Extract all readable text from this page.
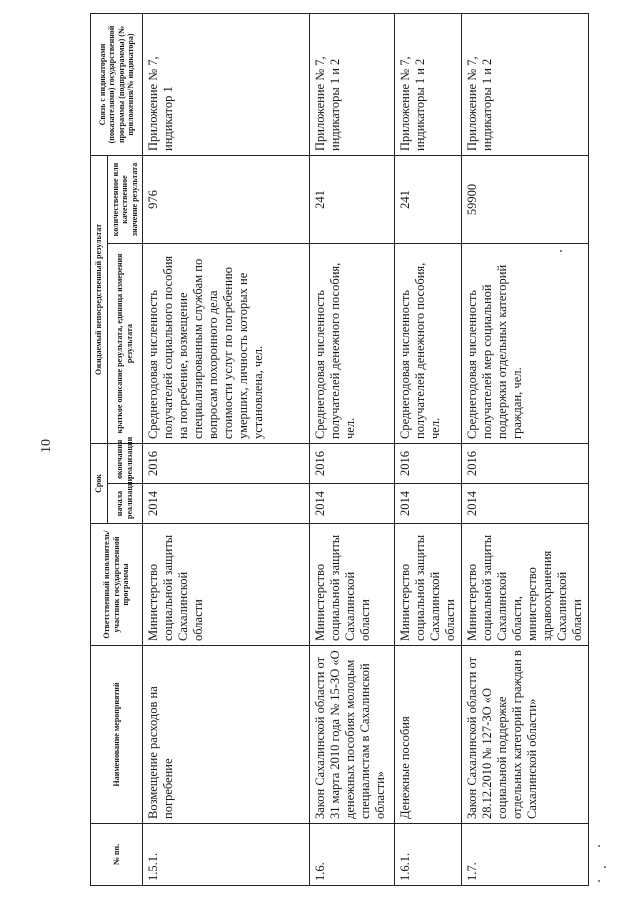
10
№ пп.	Наименование мероприятий	Ответственный исполнитель/участник государственной программы	Срок		Ожидаемый непосредственный результат		Связь с индикаторами (показателями) государственной программы (подпрограммы) (№ приложения/№ индикатора)
			начала реализации	окончания реализации	краткое описание результата, единица измерения результата	количественное или качественное значение результата	
1.5.1.	Возмещение расходов на погребение	Министерство социальной защиты Сахалинской области	2014	2016	Среднегодовая численность получателей социального пособия на погребение, возмещение специализированным службам по вопросам похоронного дела стоимости услуг по погребению умерших, личность которых не установлена, чел.	976	Приложение № 7, индикатор 1
1.6.	Закон Сахалинской области от 31 марта 2010 года № 15-ЗО «О денежных пособиях молодым специалистам в Сахалинской области»	Министерство социальной защиты Сахалинской области	2014	2016	Среднегодовая численность получателей денежного пособия, чел.	241	Приложение № 7, индикаторы 1 и 2
1.6.1.	Денежные пособия	Министерство социальной защиты Сахалинской области	2014	2016	Среднегодовая численность получателей денежного пособия, чел.	241	Приложение № 7, индикаторы 1 и 2
1.7.	Закон Сахалинской области от 28.12.2010 № 127-ЗО «О социальной поддержке отдельных категорий граждан в Сахалинской области»	Министерство социальной защиты Сахалинской области, министерство здравоохранения Сахалинской области	2014	2016	Среднегодовая численность получателей мер социальной поддержки отдельных категорий граждан, чел.	59900	Приложение № 7, индикаторы 1 и 2
